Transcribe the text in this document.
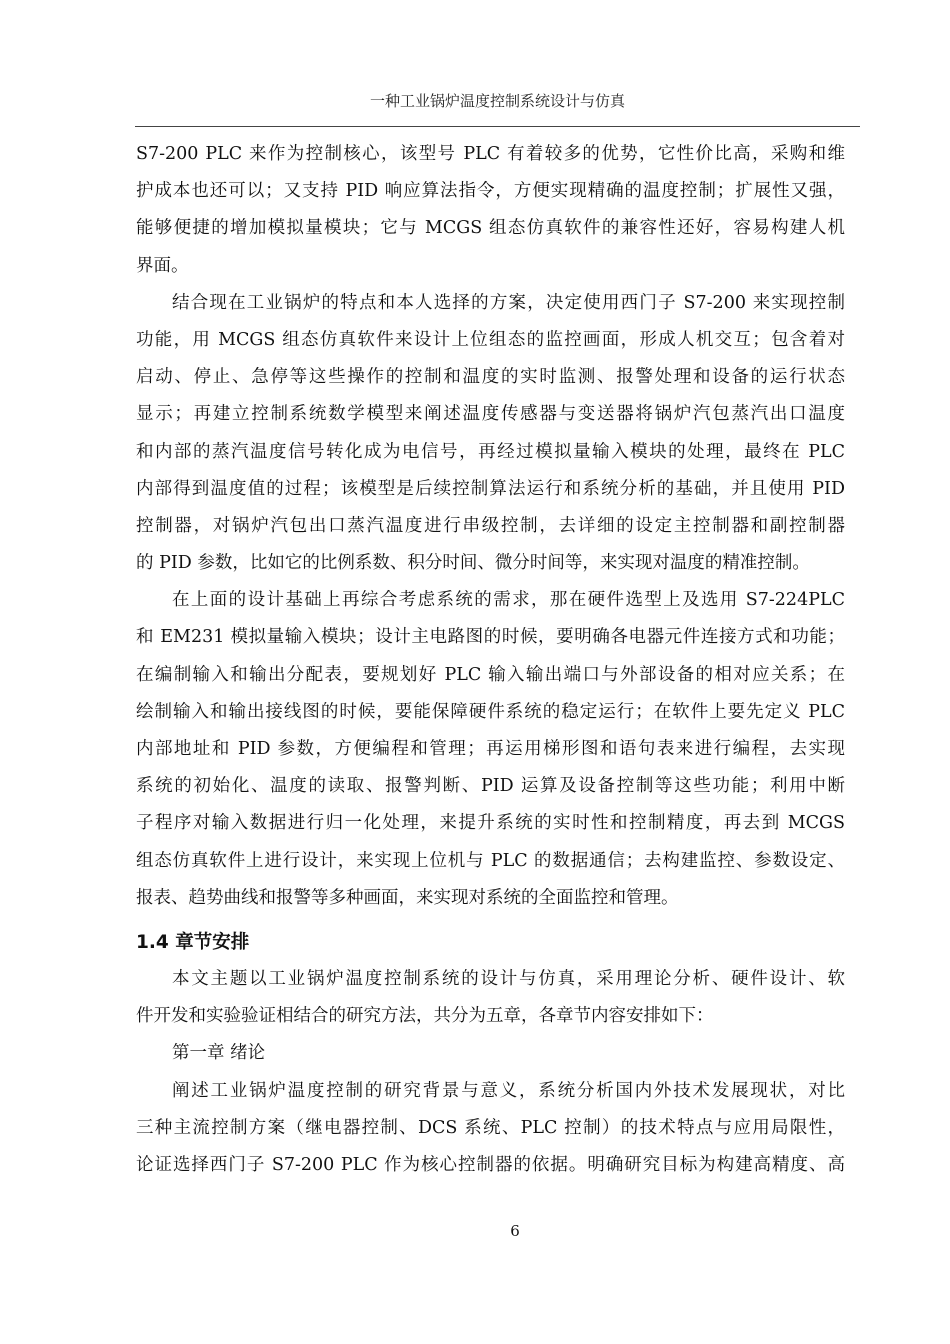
一种工业锅炉温度控制系统设计与仿真
S7-200 PLC 来作为控制核心，该型号 PLC 有着较多的优势，它性价比高，采购和维
护成本也还可以；又支持 PID 响应算法指令，方便实现精确的温度控制；扩展性又强，
能够便捷的增加模拟量模块；它与 MCGS 组态仿真软件的兼容性还好，容易构建人机
界面。
结合现在工业锅炉的特点和本人选择的方案，决定使用西门子 S7-200 来实现控制
功能，用 MCGS 组态仿真软件来设计上位组态的监控画面，形成人机交互；包含着对
启动、停止、急停等这些操作的控制和温度的实时监测、报警处理和设备的运行状态
显示；再建立控制系统数学模型来阐述温度传感器与变送器将锅炉汽包蒸汽出口温度
和内部的蒸汽温度信号转化成为电信号，再经过模拟量输入模块的处理，最终在 PLC
内部得到温度值的过程；该模型是后续控制算法运行和系统分析的基础，并且使用 PID
控制器，对锅炉汽包出口蒸汽温度进行串级控制，去详细的设定主控制器和副控制器
的 PID 参数，比如它的比例系数、积分时间、微分时间等，来实现对温度的精准控制。
在上面的设计基础上再综合考虑系统的需求，那在硬件选型上及选用 S7-224PLC
和 EM231 模拟量输入模块；设计主电路图的时候，要明确各电器元件连接方式和功能；
在编制输入和输出分配表，要规划好 PLC 输入输出端口与外部设备的相对应关系；在
绘制输入和输出接线图的时候，要能保障硬件系统的稳定运行；在软件上要先定义 PLC
内部地址和 PID 参数，方便编程和管理；再运用梯形图和语句表来进行编程，去实现
系统的初始化、温度的读取、报警判断、PID 运算及设备控制等这些功能；利用中断
子程序对输入数据进行归一化处理，来提升系统的实时性和控制精度，再去到 MCGS
组态仿真软件上进行设计，来实现上位机与 PLC 的数据通信；去构建监控、参数设定、
报表、趋势曲线和报警等多种画面，来实现对系统的全面监控和管理。
1.4 章节安排
本文主题以工业锅炉温度控制系统的设计与仿真，采用理论分析、硬件设计、软
件开发和实验验证相结合的研究方法，共分为五章，各章节内容安排如下：
第一章 绪论
阐述工业锅炉温度控制的研究背景与意义，系统分析国内外技术发展现状，对比
三种主流控制方案（继电器控制、DCS 系统、PLC 控制）的技术特点与应用局限性，
论证选择西门子 S7-200 PLC 作为核心控制器的依据。明确研究目标为构建高精度、高
6
